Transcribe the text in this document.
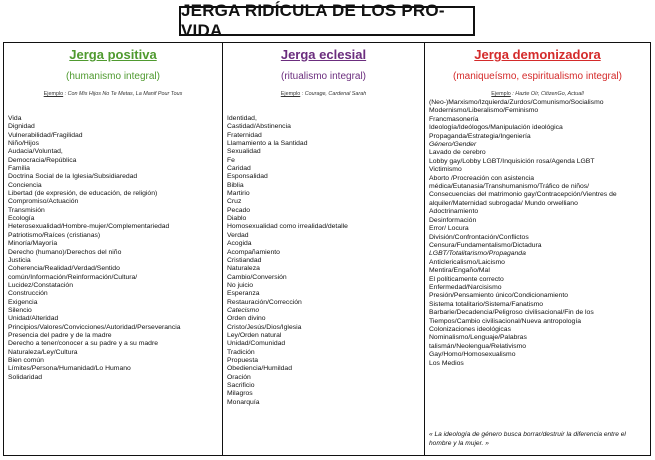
JERGA RIDÍCULA DE LOS PRO-VIDA
Jerga positiva
(humanismo integral)
Ejemplo : Con Mis Hijos No Te Metas, La Manif Pour Tous
Vida
Dignidad
Vulnerabilidad/Fragilidad
Niño/Hijos
Audacia/Voluntad,
Democracia/República
Familia
Doctrina Social de la Iglesia/Subsidiaredad
Conciencia
Libertad (de expresión, de educación, de religión)
Compromiso/Actuación
Transmisión
Ecología
Heterosexualidad/Hombre-mujer/Complementariedad
Patriotismo/Raíces (cristianas)
Minoría/Mayoría
Derecho (humano)/Derechos del niño
Justicia
Coherencia/Realidad/Verdad/Sentido
común/Información/Reinformación/Cultura/
Lucidez/Constatación
Construcción
Exigencia
Silencio
Unidad/Alteridad
Principios/Valores/Convicciones/Autoridad/Perseverancia
Presencia del padre y de la madre
Derecho a tener/conocer a su padre y a su madre
Naturaleza/Ley/Cultura
Bien común
Límites/Persona/Humanidad/Lo Humano
Solidaridad
Jerga eclesial
(ritualismo integral)
Ejemplo : Courage, Cardenal Sarah
Identidad,
Castidad/Abstinencia
Fraternidad
Llamamiento a la Santidad
Sexualidad
Fe
Caridad
Esponsalidad
Biblia
Martirio
Cruz
Pecado
Diablo
Homosexualidad como irrealidad/detalle
Verdad
Acogida
Acompañamiento
Cristiandad
Naturaleza
Cambio/Conversión
No juicio
Esperanza
Restauración/Corrección
Catecismo
Orden divino
Cristo/Jesús/Dios/Iglesia
Ley/Orden natural
Unidad/Comunidad
Tradición
Propuesta
Obediencia/Humildad
Oración
Sacrificio
Milagros
Monarquía
Jerga demonizadora
(maniqueísmo, espiritualismo integral)
Ejemplo : Hazte Oír, CitizenGo, Actuall
(Neo-)Marxismo/Izquierda/Zurdos/Comunismo/Socialismo
Modernismo/Liberalismo/Feminismo
Francmasonería
Ideología/Ideólogos/Manipulación ideológica
Propaganda/Estrategia/Ingeniería
Género/Gender
Lavado de cerebro
Lobby gay/Lobby LGBT/Inquisición rosa/Agenda LGBT
Victimismo
Aborto /Procreación con asistencia
médica/Eutanasia/Transhumanismo/Tráfico de niños/
Consecuencias del matrimonio gay/Contracepción/Vientres de
alquiler/Maternidad subrogada/ Mundo orwelliano
Adoctrinamiento
Desinformación
Error/ Locura
División/Confrontación/Conflictos
Censura/Fundamentalismo/Dictadura
LGBT/Totalitarismo/Propaganda
Anticlericalismo/Laicismo
Mentira/Engaño/Mal
El políticamente correcto
Enfermedad/Narcisismo
Presión/Pensamiento único/Condicionamiento
Sistema totalitario/Sistema/Fanatismo
Barbarie/Decadencia/Peligroso civilisacional/Fin de los
Tiempos/Cambio civilisacional/Nueva antropología
Colonizaciones ideológicas
Nominalismo/Lenguaje/Palabras
talismán/Neolengua/Relativismo
Gay/Homo/Homosexualismo
Los Medios
« La ideología de género busca borrar/destruir la diferencia entre el hombre y la mujer. »
